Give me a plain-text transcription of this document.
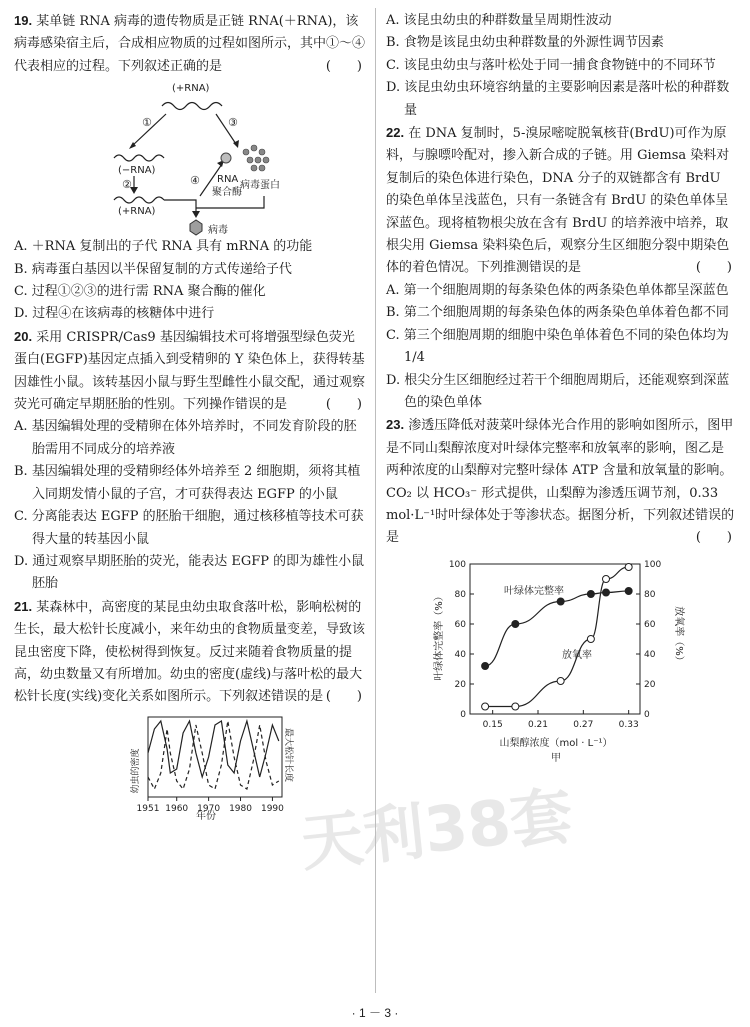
天利38套

19. 某单链 RNA 病毒的遗传物质是正链 RNA(＋RNA)，该病毒感染宿主后，合成相应物质的过程如图所示，其中①～④代表相应的过程。下列叙述正确的是	(　　)

(+RNA)
①	③
(−RNA)
②
(+RNA)
④ RNA
聚合酶
病毒蛋白
病毒

A. ＋RNA 复制出的子代 RNA 具有 mRNA 的功能

B. 病毒蛋白基因以半保留复制的方式传递给子代

C. 过程①②③的进行需 RNA 聚合酶的催化

D. 过程④在该病毒的核糖体中进行

20. 采用 CRISPR/Cas9 基因编辑技术可将增强型绿色荧光蛋白(EGFP)基因定点插入到受精卵的 Y 染色体上，获得转基因雄性小鼠。该转基因小鼠与野生型雌性小鼠交配，通过观察荧光可确定早期胚胎的性别。下列操作错误的是	(　　)

A. 基因编辑处理的受精卵在体外培养时，不同发育阶段的胚胎需用不同成分的培养液

B. 基因编辑处理的受精卵经体外培养至 2 细胞期，须将其植入同期发情小鼠的子宫，才可获得表达 EGFP 的小鼠

C. 分离能表达 EGFP 的胚胎干细胞，通过核移植等技术可获得大量的转基因小鼠

D. 通过观察早期胚胎的荧光，能表达 EGFP 的即为雄性小鼠胚胎

21. 某森林中，高密度的某昆虫幼虫取食落叶松，影响松树的生长，最大松针长度减小，来年幼虫的食物质量变差，导致该昆虫密度下降，使松树得到恢复。反过来随着食物质量的提高，幼虫数量又有所增加。幼虫的密度(虚线)与落叶松的最大松针长度(实线)变化关系如图所示。下列叙述错误的是 (　　)

幼虫的密度	最大松针长度
年份
1951 1960 1970 1980 1990

A. 该昆虫幼虫的种群数量呈周期性波动

B. 食物是该昆虫幼虫种群数量的外源性调节因素

C. 该昆虫幼虫与落叶松处于同一捕食食物链中的不同环节

D. 该昆虫幼虫环境容纳量的主要影响因素是落叶松的种群数量

22. 在 DNA 复制时，5-溴尿嘧啶脱氧核苷(BrdU)可作为原料，与腺嘌呤配对，掺入新合成的子链。用 Giemsa 染料对复制后的染色体进行染色，DNA 分子的双链都含有 BrdU 的染色单体呈浅蓝色，只有一条链含有 BrdU 的染色单体呈深蓝色。现将植物根尖放在含有 BrdU 的培养液中培养，取根尖用 Giemsa 染料染色后，观察分生区细胞分裂中期染色体的着色情况。下列推测错误的是	(　　)

A. 第一个细胞周期的每条染色体的两条染色单体都呈深蓝色

B. 第二个细胞周期的每条染色体的两条染色单体着色都不同

C. 第三个细胞周期的细胞中染色单体着色不同的染色体均为 1/4

D. 根尖分生区细胞经过若干个细胞周期后，还能观察到深蓝色的染色单体

23. 渗透压降低对菠菜叶绿体光合作用的影响如图所示，图甲是不同山梨醇浓度对叶绿体完整率和放氧率的影响，图乙是两种浓度的山梨醇对完整叶绿体 ATP 含量和放氧量的影响。CO₂ 以 HCO₃⁻ 形式提供，山梨醇为渗透压调节剂，0.33 mol·L⁻¹时叶绿体处于等渗状态。据图分析，下列叙述错误的是	(　　)

叶绿体完整率（%）	放氧率（%）
山梨醇浓度（mol · L⁻¹）
甲
0	0
20	20
40	40
60	60
80	80
100	100
0.15	0.21	0.27	0.33
叶绿体完整率
放氧率
· 1 － 3 ·
